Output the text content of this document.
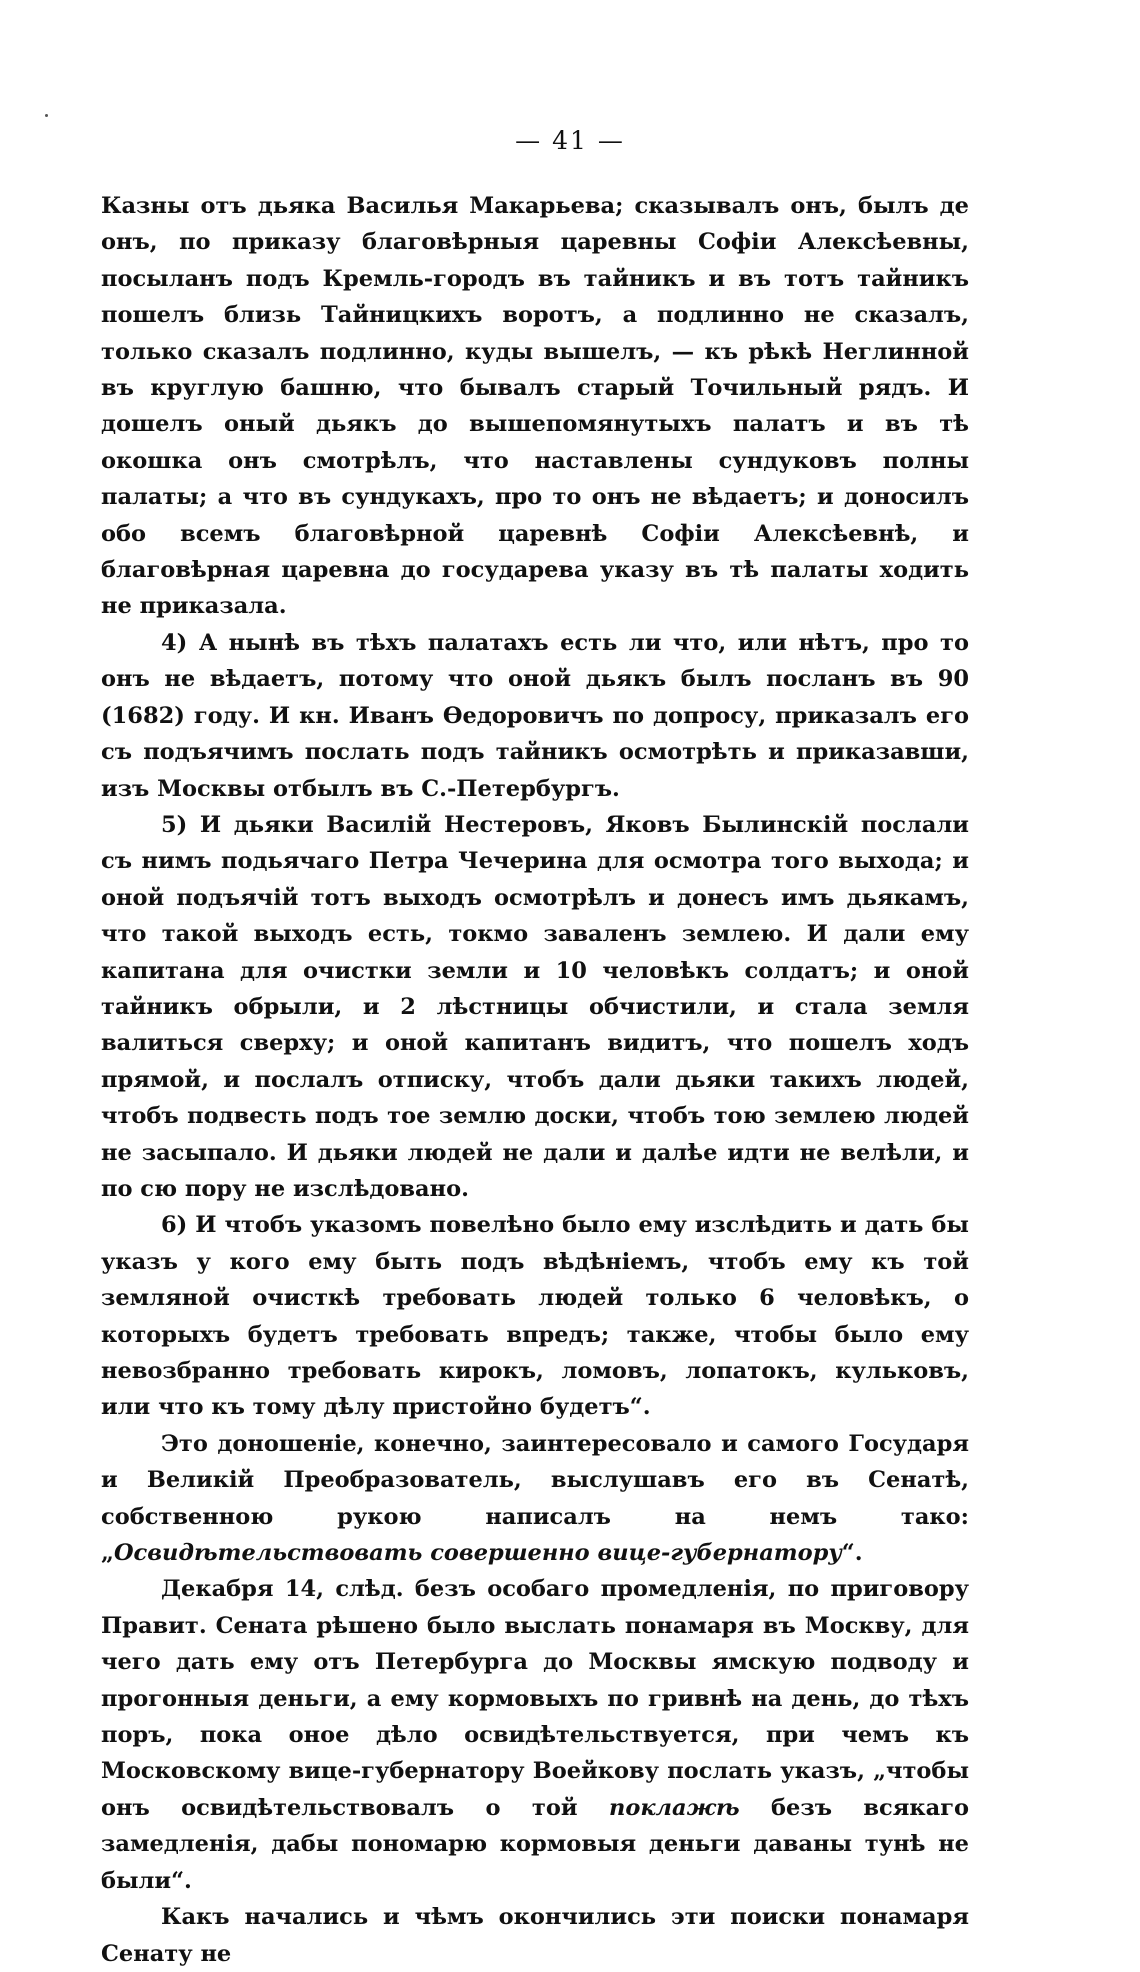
— 41 —

Казны отъ дьяка Василья Макарьева; сказывалъ онъ, былъ де онъ, по приказу благовѣрныя царевны Софіи Алексѣевны, посыланъ подъ Кремль-городъ въ тайникъ и въ тотъ тайникъ пошелъ близь Тайницкихъ воротъ, а подлинно не сказалъ, только сказалъ подлинно, куды вышелъ, — къ рѣкѣ Неглинной въ круглую башню, что бывалъ старый Точильный рядъ. И дошелъ оный дьякъ до вышепомянутыхъ палатъ и въ тѣ окошка онъ смотрѣлъ, что наставлены сундуковъ полны палаты; а что въ сундукахъ, про то онъ не вѣдаетъ; и доносилъ обо всемъ благовѣрной царевнѣ Софіи Алексѣевнѣ, и благовѣрная царевна до государева указу въ тѣ палаты ходить не приказала.

4) А нынѣ въ тѣхъ палатахъ есть ли что, или нѣтъ, про то онъ не вѣдаетъ, потому что оной дьякъ былъ посланъ въ 90 (1682) году. И кн. Иванъ Ѳедоровичъ по допросу, приказалъ его съ подъячимъ послать подъ тайникъ осмотрѣть и приказавши, изъ Москвы отбылъ въ С.-Петербургъ.

5) И дьяки Василій Нестеровъ, Яковъ Былинскій послали съ нимъ подьячаго Петра Чечерина для осмотра того выхода; и оной подъячій тотъ выходъ осмотрѣлъ и донесъ имъ дьякамъ, что такой выходъ есть, токмо заваленъ землею. И дали ему капитана для очистки земли и 10 человѣкъ солдатъ; и оной тайникъ обрыли, и 2 лѣстницы обчистили, и стала земля валиться сверху; и оной капитанъ видитъ, что пошелъ ходъ прямой, и послалъ отписку, чтобъ дали дьяки такихъ людей, чтобъ подвесть подъ тое землю доски, чтобъ тою землею людей не засыпало. И дьяки людей не дали и далѣе идти не велѣли, и по сю пору не изслѣдовано.

6) И чтобъ указомъ повелѣно было ему изслѣдить и дать бы указъ у кого ему быть подъ вѣдѣніемъ, чтобъ ему къ той земляной очисткѣ требовать людей только 6 человѣкъ, о которыхъ будетъ требовать впредъ; также, чтобы было ему невозбранно требовать кирокъ, ломовъ, лопатокъ, кульковъ, или что къ тому дѣлу пристойно будетъ“.

Это доношеніе, конечно, заинтересовало и самого Государя и Великій Преобразователь, выслушавъ его въ Сенатѣ, собственною рукою написалъ на немъ тако: „Освидѣтельствовать совершенно вице-губернатору“.

Декабря 14, слѣд. безъ особаго промедленія, по приговору Правит. Сената рѣшено было выслать понамаря въ Москву, для чего дать ему отъ Петербурга до Москвы ямскую подводу и прогонныя деньги, а ему кормовыхъ по гривнѣ на день, до тѣхъ поръ, пока оное дѣло освидѣтельствуется, при чемъ къ Московскому вице-губернатору Воейкову послать указъ, „чтобы онъ освидѣтельствовалъ о той поклажѣ безъ всякаго замедленія, дабы пономарю кормовыя деньги даваны тунѣ не были“.

Какъ начались и чѣмъ окончились эти поиски понамаря Сенату не
